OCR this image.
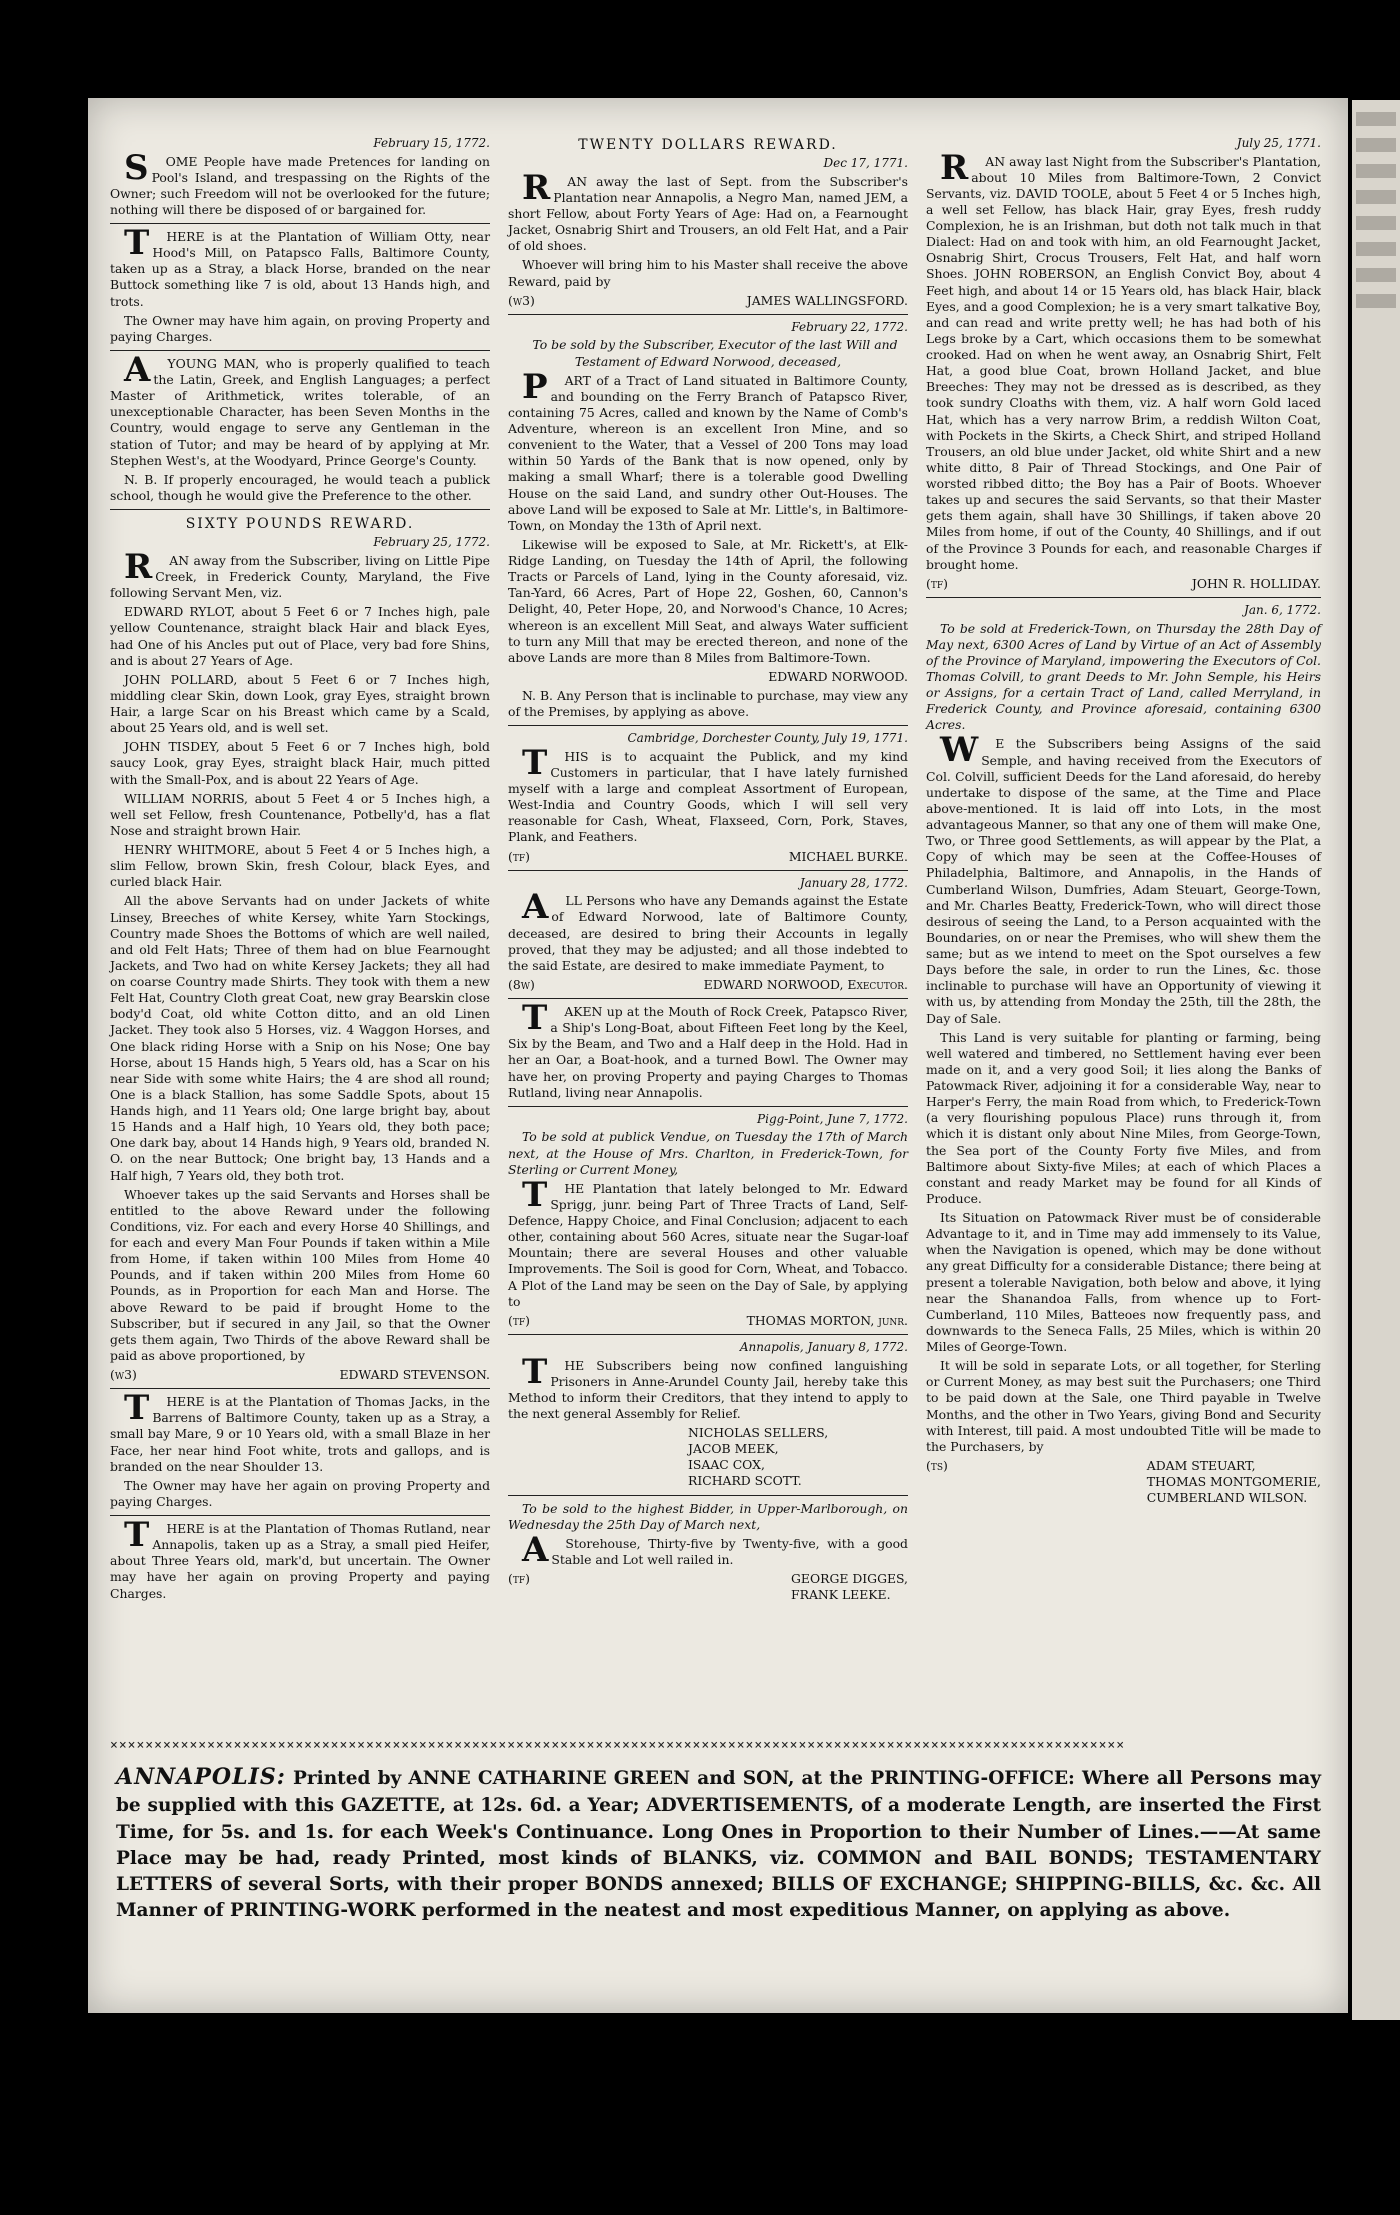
February 15, 1772.

SOME People have made Pretences for landing on Pool's Island, and trespassing on the Rights of the Owner; such Freedom will not be overlooked for the future; nothing will there be disposed of or bargained for.

THERE is at the Plantation of William Otty, near Hood's Mill, on Patapsco Falls, Baltimore County, taken up as a Stray, a black Horse, branded on the near Buttock something like 7 is old, about 13 Hands high, and trots.

The Owner may have him again, on proving Property and paying Charges.

AYOUNG MAN, who is properly qualified to teach the Latin, Greek, and English Languages; a perfect Master of Arithmetick, writes tolerable, of an unexceptionable Character, has been Seven Months in the Country, would engage to serve any Gentleman in the station of Tutor; and may be heard of by applying at Mr. Stephen West's, at the Woodyard, Prince George's County.

N. B. If properly encouraged, he would teach a publick school, though he would give the Preference to the other.

SIXTY POUNDS REWARD.
February 25, 1772.

RAN away from the Subscriber, living on Little Pipe Creek, in Frederick County, Maryland, the Five following Servant Men, viz.

EDWARD RYLOT, about 5 Feet 6 or 7 Inches high, pale yellow Countenance, straight black Hair and black Eyes, had One of his Ancles put out of Place, very bad fore Shins, and is about 27 Years of Age.

JOHN POLLARD, about 5 Feet 6 or 7 Inches high, middling clear Skin, down Look, gray Eyes, straight brown Hair, a large Scar on his Breast which came by a Scald, about 25 Years old, and is well set.

JOHN TISDEY, about 5 Feet 6 or 7 Inches high, bold saucy Look, gray Eyes, straight black Hair, much pitted with the Small-Pox, and is about 22 Years of Age.

WILLIAM NORRIS, about 5 Feet 4 or 5 Inches high, a well set Fellow, fresh Countenance, Potbelly'd, has a flat Nose and straight brown Hair.

HENRY WHITMORE, about 5 Feet 4 or 5 Inches high, a slim Fellow, brown Skin, fresh Colour, black Eyes, and curled black Hair.

All the above Servants had on under Jackets of white Linsey, Breeches of white Kersey, white Yarn Stockings, Country made Shoes the Bottoms of which are well nailed, and old Felt Hats; Three of them had on blue Fearnought Jackets, and Two had on white Kersey Jackets; they all had on coarse Country made Shirts. They took with them a new Felt Hat, Country Cloth great Coat, new gray Bearskin close body'd Coat, old white Cotton ditto, and an old Linen Jacket. They took also 5 Horses, viz. 4 Waggon Horses, and One black riding Horse with a Snip on his Nose; One bay Horse, about 15 Hands high, 5 Years old, has a Scar on his near Side with some white Hairs; the 4 are shod all round; One is a black Stallion, has some Saddle Spots, about 15 Hands high, and 11 Years old; One large bright bay, about 15 Hands and a Half high, 10 Years old, they both pace; One dark bay, about 14 Hands high, 9 Years old, branded N. O. on the near Buttock; One bright bay, 13 Hands and a Half high, 7 Years old, they both trot.

Whoever takes up the said Servants and Horses shall be entitled to the above Reward under the following Conditions, viz. For each and every Horse 40 Shillings, and for each and every Man Four Pounds if taken within a Mile from Home, if taken within 100 Miles from Home 40 Pounds, and if taken within 200 Miles from Home 60 Pounds, as in Proportion for each Man and Horse. The above Reward to be paid if brought Home to the Subscriber, but if secured in any Jail, so that the Owner gets them again, Two Thirds of the above Reward shall be paid as above proportioned, by

(w3)	EDWARD STEVENSON.

THERE is at the Plantation of Thomas Jacks, in the Barrens of Baltimore County, taken up as a Stray, a small bay Mare, 9 or 10 Years old, with a small Blaze in her Face, her near hind Foot white, trots and gallops, and is branded on the near Shoulder 13.

The Owner may have her again on proving Property and paying Charges.

THERE is at the Plantation of Thomas Rutland, near Annapolis, taken up as a Stray, a small pied Heifer, about Three Years old, mark'd, but uncertain. The Owner may have her again on proving Property and paying Charges.

TWENTY DOLLARS REWARD.
Dec 17, 1771.

RAN away the last of Sept. from the Subscriber's Plantation near Annapolis, a Negro Man, named JEM, a short Fellow, about Forty Years of Age: Had on, a Fearnought Jacket, Osnabrig Shirt and Trousers, an old Felt Hat, and a Pair of old shoes.

Whoever will bring him to his Master shall receive the above Reward, paid by

(w3)	JAMES WALLINGSFORD.
February 22, 1772.

To be sold by the Subscriber, Executor of the last Will and Testament of Edward Norwood, deceased,

PART of a Tract of Land situated in Baltimore County, and bounding on the Ferry Branch of Patapsco River, containing 75 Acres, called and known by the Name of Comb's Adventure, whereon is an excellent Iron Mine, and so convenient to the Water, that a Vessel of 200 Tons may load within 50 Yards of the Bank that is now opened, only by making a small Wharf; there is a tolerable good Dwelling House on the said Land, and sundry other Out-Houses. The above Land will be exposed to Sale at Mr. Little's, in Baltimore-Town, on Monday the 13th of April next.

Likewise will be exposed to Sale, at Mr. Rickett's, at Elk-Ridge Landing, on Tuesday the 14th of April, the following Tracts or Parcels of Land, lying in the County aforesaid, viz. Tan-Yard, 66 Acres, Part of Hope 22, Goshen, 60, Cannon's Delight, 40, Peter Hope, 20, and Norwood's Chance, 10 Acres; whereon is an excellent Mill Seat, and always Water sufficient to turn any Mill that may be erected thereon, and none of the above Lands are more than 8 Miles from Baltimore-Town.

EDWARD NORWOOD.

N. B. Any Person that is inclinable to purchase, may view any of the Premises, by applying as above.

Cambridge, Dorchester County, July 19, 1771.

THIS is to acquaint the Publick, and my kind Customers in particular, that I have lately furnished myself with a large and compleat Assortment of European, West-India and Country Goods, which I will sell very reasonable for Cash, Wheat, Flaxseed, Corn, Pork, Staves, Plank, and Feathers.

(tf)	MICHAEL BURKE.
January 28, 1772.

ALL Persons who have any Demands against the Estate of Edward Norwood, late of Baltimore County, deceased, are desired to bring their Accounts in legally proved, that they may be adjusted; and all those indebted to the said Estate, are desired to make immediate Payment, to

(8w)	EDWARD NORWOOD, Executor.

TAKEN up at the Mouth of Rock Creek, Patapsco River, a Ship's Long-Boat, about Fifteen Feet long by the Keel, Six by the Beam, and Two and a Half deep in the Hold. Had in her an Oar, a Boat-hook, and a turned Bowl. The Owner may have her, on proving Property and paying Charges to Thomas Rutland, living near Annapolis.

Pigg-Point, June 7, 1772.

To be sold at publick Vendue, on Tuesday the 17th of March next, at the House of Mrs. Charlton, in Frederick-Town, for Sterling or Current Money,

THE Plantation that lately belonged to Mr. Edward Sprigg, junr. being Part of Three Tracts of Land, Self-Defence, Happy Choice, and Final Conclusion; adjacent to each other, containing about 560 Acres, situate near the Sugar-loaf Mountain; there are several Houses and other valuable Improvements. The Soil is good for Corn, Wheat, and Tobacco. A Plot of the Land may be seen on the Day of Sale, by applying to

(tf)	THOMAS MORTON, junr.
Annapolis, January 8, 1772.

THE Subscribers being now confined languishing Prisoners in Anne-Arundel County Jail, hereby take this Method to inform their Creditors, that they intend to apply to the next general Assembly for Relief.

NICHOLAS SELLERS,
JACOB MEEK,
ISAAC COX,
RICHARD SCOTT.

To be sold to the highest Bidder, in Upper-Marlborough, on Wednesday the 25th Day of March next,

AStorehouse, Thirty-five by Twenty-five, with a good Stable and Lot well railed in.

(tf)	GEORGE DIGGES,
FRANK LEEKE.
July 25, 1771.

RAN away last Night from the Subscriber's Plantation, about 10 Miles from Baltimore-Town, 2 Convict Servants, viz. DAVID TOOLE, about 5 Feet 4 or 5 Inches high, a well set Fellow, has black Hair, gray Eyes, fresh ruddy Complexion, he is an Irishman, but doth not talk much in that Dialect: Had on and took with him, an old Fearnought Jacket, Osnabrig Shirt, Crocus Trousers, Felt Hat, and half worn Shoes. JOHN ROBERSON, an English Convict Boy, about 4 Feet high, and about 14 or 15 Years old, has black Hair, black Eyes, and a good Complexion; he is a very smart talkative Boy, and can read and write pretty well; he has had both of his Legs broke by a Cart, which occasions them to be somewhat crooked. Had on when he went away, an Osnabrig Shirt, Felt Hat, a good blue Coat, brown Holland Jacket, and blue Breeches: They may not be dressed as is described, as they took sundry Cloaths with them, viz. A half worn Gold laced Hat, which has a very narrow Brim, a reddish Wilton Coat, with Pockets in the Skirts, a Check Shirt, and striped Holland Trousers, an old blue under Jacket, old white Shirt and a new white ditto, 8 Pair of Thread Stockings, and One Pair of worsted ribbed ditto; the Boy has a Pair of Boots. Whoever takes up and secures the said Servants, so that their Master gets them again, shall have 30 Shillings, if taken above 20 Miles from home, if out of the County, 40 Shillings, and if out of the Province 3 Pounds for each, and reasonable Charges if brought home.

(tf)	JOHN R. HOLLIDAY.
Jan. 6, 1772.

To be sold at Frederick-Town, on Thursday the 28th Day of May next, 6300 Acres of Land by Virtue of an Act of Assembly of the Province of Maryland, impowering the Executors of Col. Thomas Colvill, to grant Deeds to Mr. John Semple, his Heirs or Assigns, for a certain Tract of Land, called Merryland, in Frederick County, and Province aforesaid, containing 6300 Acres.

WE the Subscribers being Assigns of the said Semple, and having received from the Executors of Col. Colvill, sufficient Deeds for the Land aforesaid, do hereby undertake to dispose of the same, at the Time and Place above-mentioned. It is laid off into Lots, in the most advantageous Manner, so that any one of them will make One, Two, or Three good Settlements, as will appear by the Plat, a Copy of which may be seen at the Coffee-Houses of Philadelphia, Baltimore, and Annapolis, in the Hands of Cumberland Wilson, Dumfries, Adam Steuart, George-Town, and Mr. Charles Beatty, Frederick-Town, who will direct those desirous of seeing the Land, to a Person acquainted with the Boundaries, on or near the Premises, who will shew them the same; but as we intend to meet on the Spot ourselves a few Days before the sale, in order to run the Lines, &c. those inclinable to purchase will have an Opportunity of viewing it with us, by attending from Monday the 25th, till the 28th, the Day of Sale.

This Land is very suitable for planting or farming, being well watered and timbered, no Settlement having ever been made on it, and a very good Soil; it lies along the Banks of Patowmack River, adjoining it for a considerable Way, near to Harper's Ferry, the main Road from which, to Frederick-Town (a very flourishing populous Place) runs through it, from which it is distant only about Nine Miles, from George-Town, the Sea port of the County Forty five Miles, and from Baltimore about Sixty-five Miles; at each of which Places a constant and ready Market may be found for all Kinds of Produce.

Its Situation on Patowmack River must be of considerable Advantage to it, and in Time may add immensely to its Value, when the Navigation is opened, which may be done without any great Difficulty for a considerable Distance; there being at present a tolerable Navigation, both below and above, it lying near the Shanandoa Falls, from whence up to Fort-Cumberland, 110 Miles, Batteoes now frequently pass, and downwards to the Seneca Falls, 25 Miles, which is within 20 Miles of George-Town.

It will be sold in separate Lots, or all together, for Sterling or Current Money, as may best suit the Purchasers; one Third to be paid down at the Sale, one Third payable in Twelve Months, and the other in Two Years, giving Bond and Security with Interest, till paid. A most undoubted Title will be made to the Purchasers, by

(ts)	ADAM STEUART,
THOMAS MONTGOMERIE,
CUMBERLAND WILSON.
×××××××××××××××××××××××××××××××××××××××××××××××××××××××××××××××××××××××××××××××××××××××××××××××××××××××××××××××××××
ANNAPOLIS: Printed by ANNE CATHARINE GREEN and SON, at the PRINTING-OFFICE: Where all Persons may be supplied with this GAZETTE, at 12s. 6d. a Year; ADVERTISEMENTS, of a moderate Length, are inserted the First Time, for 5s. and 1s. for each Week's Continuance. Long Ones in Proportion to their Number of Lines.——At same Place may be had, ready Printed, most kinds of BLANKS, viz. COMMON and BAIL BONDS; TESTAMENTARY LETTERS of several Sorts, with their proper BONDS annexed; BILLS OF EXCHANGE; SHIPPING-BILLS, &c. &c. All Manner of PRINTING-WORK performed in the neatest and most expeditious Manner, on applying as above.
